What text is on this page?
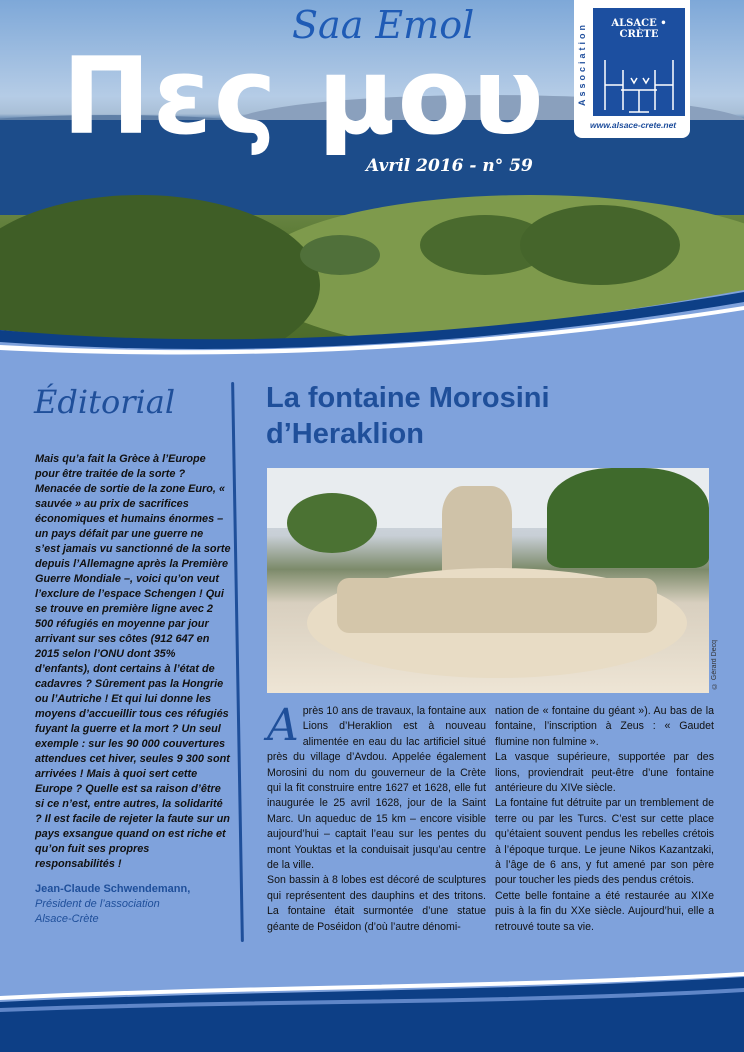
Saa Emol
Πες μου
Avril 2016 - n° 59
Association	ALSACE • CRÈTE
www.alsace-crete.net
Éditorial
Mais qu’a fait la Grèce à l’Europe pour être traitée de la sorte ? Menacée de sortie de la zone Euro, « sauvée » au prix de sacrifices économiques et humains énormes – un pays défait par une guerre ne s’est jamais vu sanctionné de la sorte depuis l’Allemagne après la Première Guerre Mondiale –, voici qu’on veut l’exclure de l’espace Schengen ! Qui se trouve en première ligne avec 2 500 réfugiés en moyenne par jour arrivant sur ses côtes (912 647 en 2015 selon l’ONU dont 35% d’enfants), dont certains à l’état de cadavres ? Sûrement pas la Hongrie ou l’Autriche ! Et qui lui donne les moyens d’accueillir tous ces réfugiés fuyant la guerre et la mort ? Un seul exemple : sur les 90 000 couvertures attendues cet hiver, seules 9 300 sont arrivées ! Mais à quoi sert cette Europe ? Quelle est sa raison d’être si ce n’est, entre autres, la solidarité ? Il est facile de rejeter la faute sur un pays exsangue quand on est riche et qu’on fuit ses propres responsabilités !
Jean-Claude Schwendemann,
Président de l’association
Alsace-Crète
La fontaine Morosini d’Heraklion
© Gérard Decq
A près 10 ans de travaux, la fontaine aux Lions d’Heraklion est à nouveau alimentée en eau du lac artificiel situé près du village d’Avdou. Appelée également Morosini du nom du gouverneur de la Crète qui la fit construire entre 1627 et 1628, elle fut inaugurée le 25 avril 1628, jour de la Saint Marc. Un aqueduc de 15 km – encore visible aujourd’hui – captait l’eau sur les pentes du mont Youktas et la conduisait jusqu’au centre de la ville.

Son bassin à 8 lobes est décoré de sculptures qui représentent des dauphins et des tritons. La fontaine était surmontée d’une statue géante de Poséidon (d’où l’autre dénomi-

nation de « fontaine du géant »). Au bas de la fontaine, l’inscription à Zeus : « Gaudet flumine non fulmine ».

La vasque supérieure, supportée par des lions, proviendrait peut-être d’une fontaine antérieure du XIVe siècle.

La fontaine fut détruite par un tremblement de terre ou par les Turcs. C’est sur cette place qu’étaient souvent pendus les rebelles crétois à l’époque turque. Le jeune Nikos Kazantzaki, à l’âge de 6 ans, y fut amené par son père pour toucher les pieds des pendus crétois.

Cette belle fontaine a été restaurée au XIXe puis à la fin du XXe siècle. Aujourd’hui, elle a retrouvé toute sa vie.
